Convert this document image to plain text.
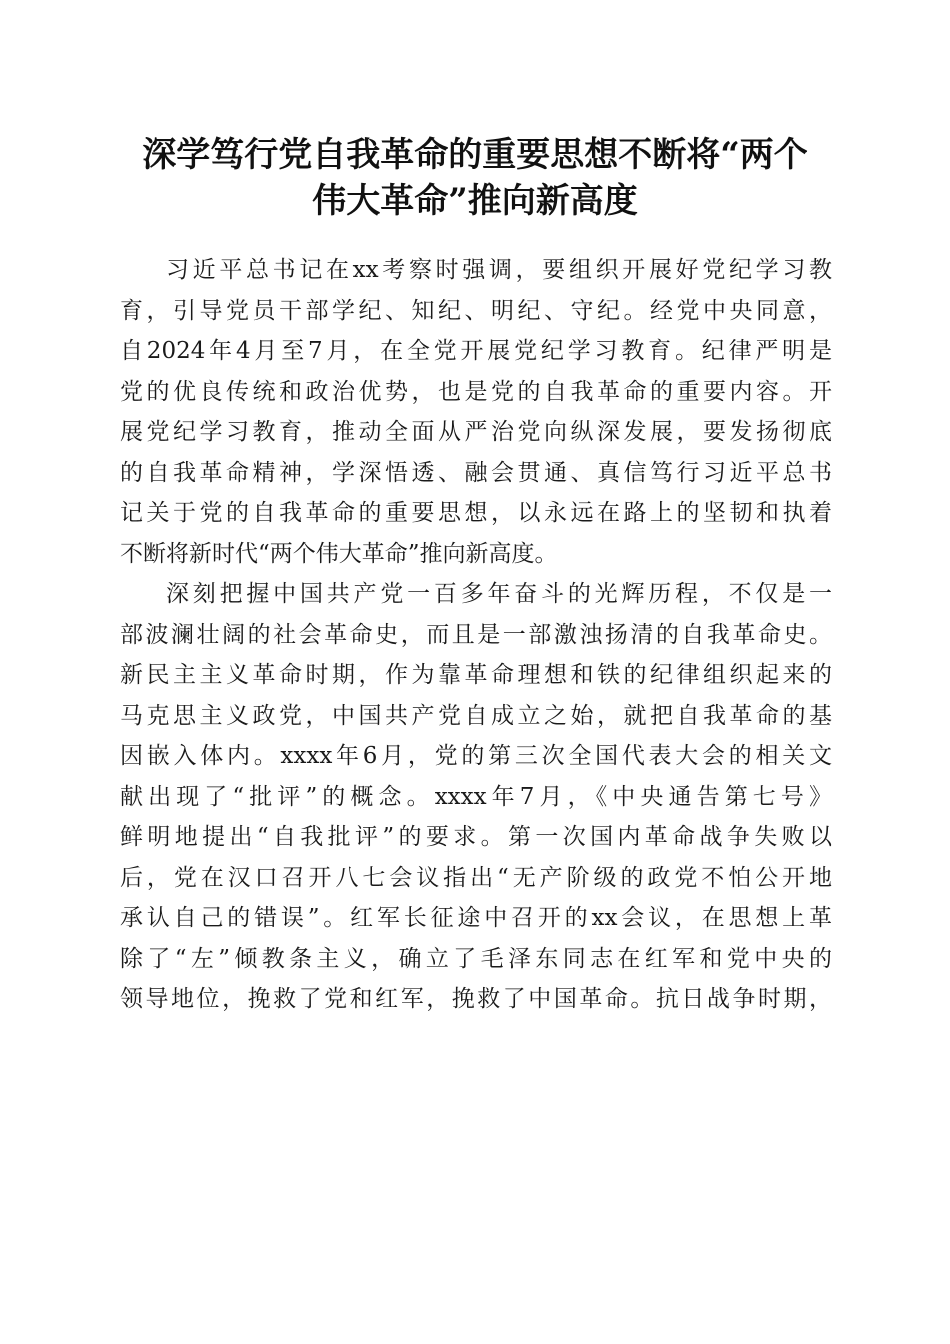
深学笃行党自我革命的重要思想不断将“两个
伟大革命”推向新高度
习近平总书记在xx考察时强调，要组织开展好党纪学习教
育，引导党员干部学纪、知纪、明纪、守纪。经党中央同意，
自2024年4月至7月，在全党开展党纪学习教育。纪律严明是
党的优良传统和政治优势，也是党的自我革命的重要内容。开
展党纪学习教育，推动全面从严治党向纵深发展，要发扬彻底
的自我革命精神，学深悟透、融会贯通、真信笃行习近平总书
记关于党的自我革命的重要思想，以永远在路上的坚韧和执着
不断将新时代“两个伟大革命”推向新高度。
深刻把握中国共产党一百多年奋斗的光辉历程，不仅是一
部波澜壮阔的社会革命史，而且是一部激浊扬清的自我革命史。
新民主主义革命时期，作为靠革命理想和铁的纪律组织起来的
马克思主义政党，中国共产党自成立之始，就把自我革命的基
因嵌入体内。xxxx年6月，党的第三次全国代表大会的相关文
献出现了“批评”的概念。xxxx年7月，《中央通告第七号》
鲜明地提出“自我批评”的要求。第一次国内革命战争失败以
后，党在汉口召开八七会议指出“无产阶级的政党不怕公开地
承认自己的错误”。红军长征途中召开的xx会议，在思想上革
除了“左”倾教条主义，确立了毛泽东同志在红军和党中央的
领导地位，挽救了党和红军，挽救了中国革命。抗日战争时期，
